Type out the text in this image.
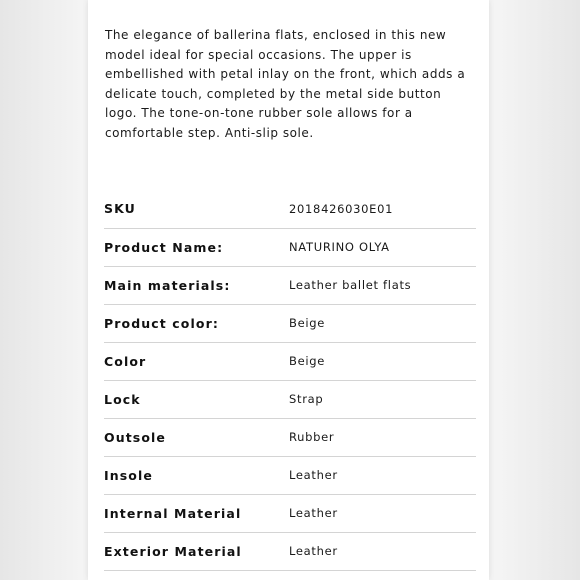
The elegance of ballerina flats, enclosed in this new model ideal for special occasions. The upper is embellished with petal inlay on the front, which adds a delicate touch, completed by the metal side button logo. The tone-on-tone rubber sole allows for a comfortable step. Anti-slip sole.

SKU	2018426030E01
Product Name:	NATURINO OLYA
Main materials:	Leather ballet flats
Product color:	Beige
Color	Beige
Lock	Strap
Outsole	Rubber
Insole	Leather
Internal Material	Leather
Exterior Material	Leather
